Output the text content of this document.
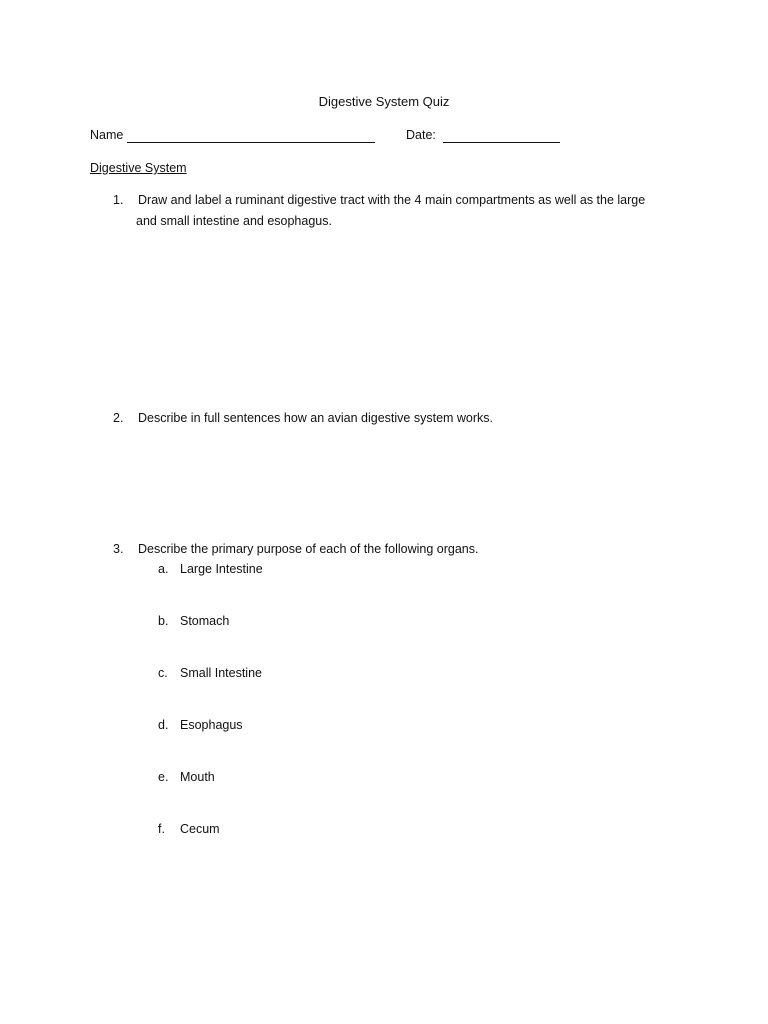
Digestive System Quiz
Name	Date:
Digestive System
1. Draw and label a ruminant digestive tract with the 4 main compartments as well as the large
and small intestine and esophagus.
2. Describe in full sentences how an avian digestive system works.
3. Describe the primary purpose of each of the following organs.
a. Large Intestine
b. Stomach
c. Small Intestine
d. Esophagus
e. Mouth
f. Cecum
